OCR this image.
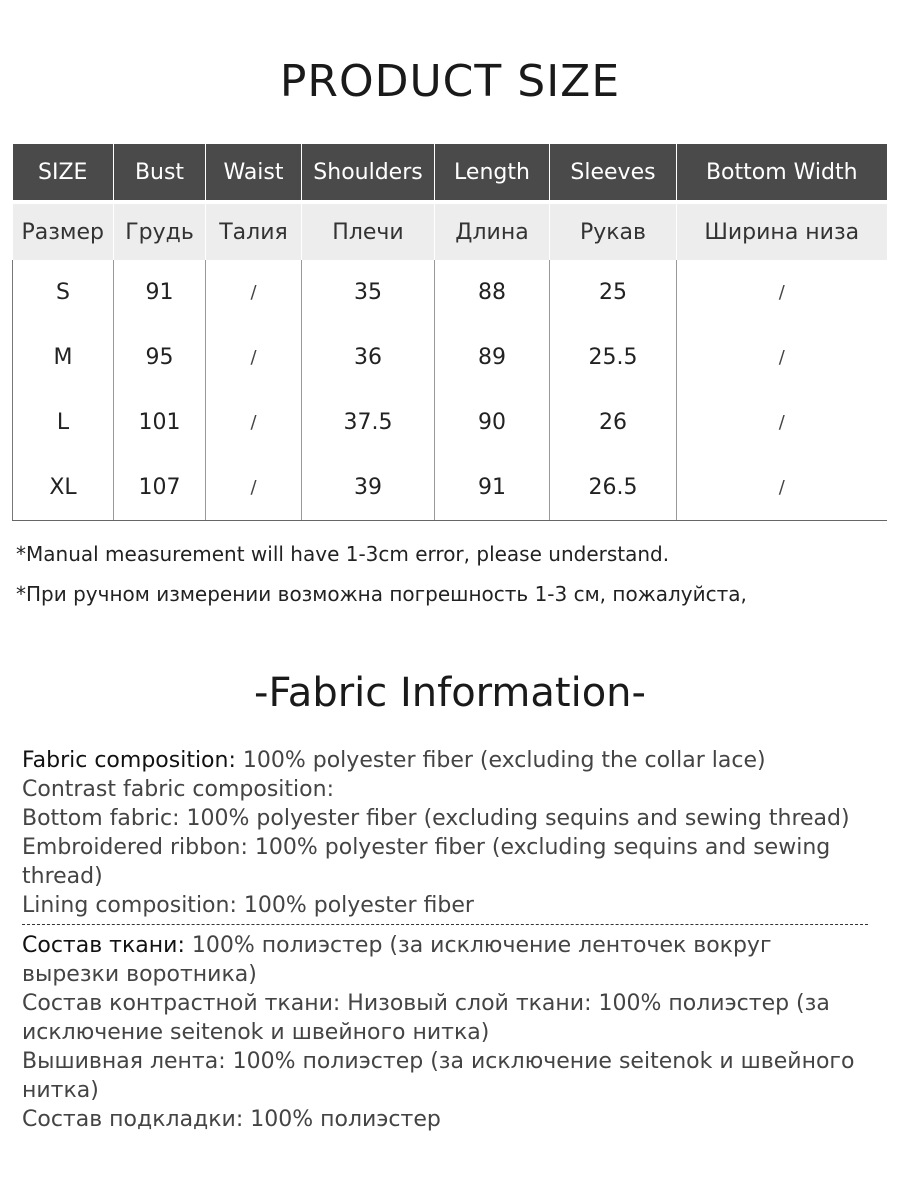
PRODUCT SIZE
SIZE	Bust	Waist	Shoulders	Length	Sleeves	Bottom Width
Размер	Грудь	Талия	Плечи	Длина	Рукав	Ширина низа
S	91	/	35	88	25	/
M	95	/	36	89	25.5	/
L	101	/	37.5	90	26	/
XL	107	/	39	91	26.5	/
*Manual measurement will have 1-3cm error, please understand.
*При ручном измерении возможна погрешность 1-3 см, пожалуйста,
-Fabric Information-

Fabric composition: 100% polyester fiber (excluding the collar lace)

Contrast fabric composition:

Bottom fabric: 100% polyester fiber (excluding sequins and sewing thread)

Embroidered ribbon: 100% polyester fiber (excluding sequins and sewing thread)

Lining composition: 100% polyester fiber

Состав ткани: 100% полиэстер (за исключение ленточек вокруг вырезки воротника)

Состав контрастной ткани: Низовый слой ткани: 100% полиэстер (за исключение seitenok и швейного нитка)

Вышивная лента: 100% полиэстер (за исключение seitenok и швейного нитка)

Состав подкладки: 100% полиэстер
